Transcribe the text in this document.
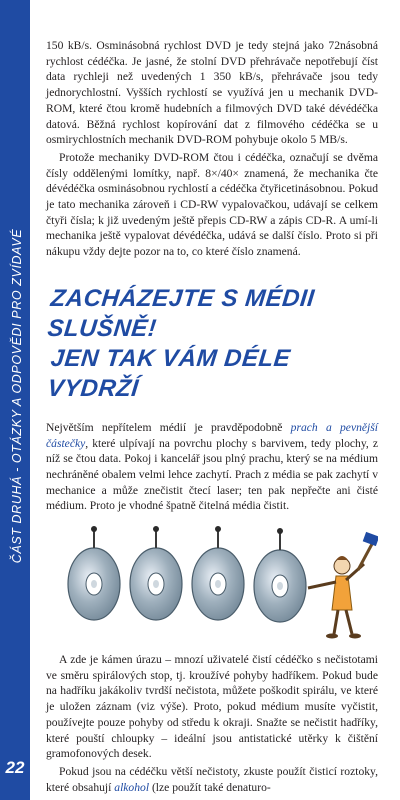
ČÁST DRUHÁ - OTÁZKY A ODPOVĚDI PRO ZVÍDAVÉ
22

150 kB/s. Osminásobná rychlost DVD je tedy stejná jako 72násobná rychlost cédéčka. Je jasné, že stolní DVD přehrávače nepotřebují číst data rychleji než uvedených 1 350 kB/s, přehrávače jsou tedy jednorychlostní. Vyšších rychlostí se využívá jen u mechanik DVD-ROM, které čtou kromě hudebních a filmových DVD také dévédéčka datová. Běžná rychlost kopírování dat z filmového cédéčka se u osmirychlostních mechanik DVD-ROM pohybuje okolo 5 MB/s.

Protože mechaniky DVD-ROM čtou i cédéčka, označují se dvěma čísly oddělenými lomítky, např. 8×/40× znamená, že mechanika čte dévédéčka osminásobnou rychlostí a cédéčka čtyřicetinásobnou. Pokud je tato mechanika zároveň i CD-RW vypalovačkou, udávají se celkem čtyři čísla; k již uvedeným ještě přepis CD-RW a zápis CD-R. A umí-li mechanika ještě vypalovat dévédéčka, udává se další číslo. Proto si při nákupu vždy dejte pozor na to, co které číslo znamená.

ZACHÁZEJTE S MÉDII SLUŠNĚ!
JEN TAK VÁM DÉLE VYDRŽÍ

Největším nepřítelem médií je pravděpodobně prach a pevnější částečky, které ulpívají na povrchu plochy s barvivem, tedy plochy, z níž se čtou data. Pokoj i kancelář jsou plný prachu, který se na médium nechráněné obalem velmi lehce zachytí. Prach z média se pak zachytí v mechanice a může znečistit čtecí laser; ten pak nepřečte ani čisté médium. Proto je vhodné špatně čitelná média čistit.

A zde je kámen úrazu – mnozí uživatelé čistí cédéčko s nečistotami ve směru spirálových stop, tj. kroužívé pohyby hadříkem. Pokud bude na hadříku jakákoliv tvrdší nečistota, můžete poškodit spirálu, ve které je uložen záznam (viz výše). Proto, pokud médium musíte vyčistit, používejte pouze pohyby od středu k okraji. Snažte se nečistit hadříky, které pouští chloupky – ideální jsou antistatické utěrky k čištění gramofonových desek.

Pokud jsou na cédéčku větší nečistoty, zkuste použít čisticí roztoky, které obsahují alkohol (lze použít také denaturo-
